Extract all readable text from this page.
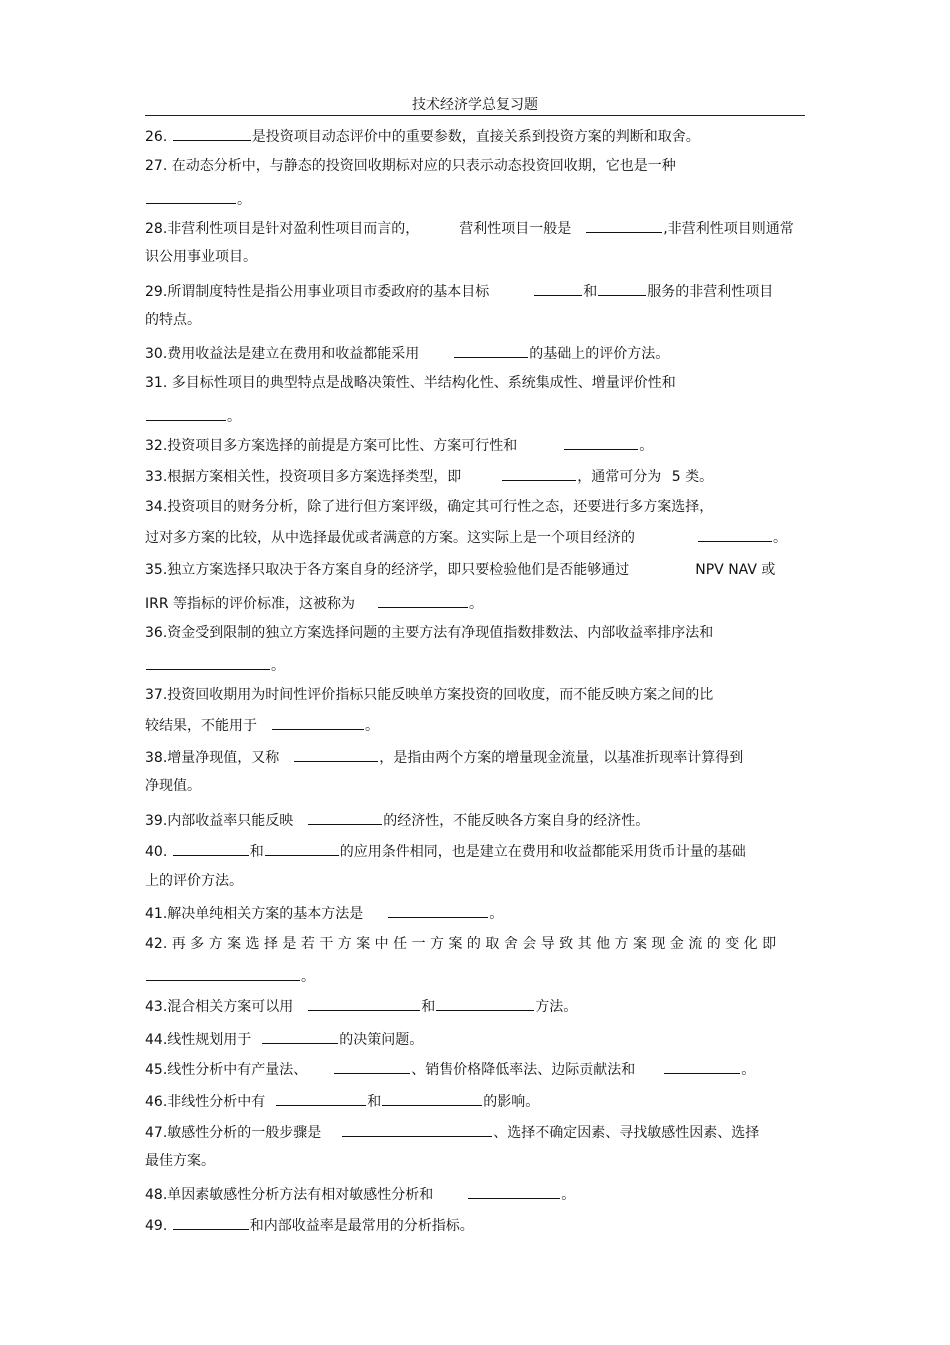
技术经济学总复习题
26.	是投资项目动态评价中的重要参数，直接关系到投资方案的判断和取舍。
27. 在动态分析中，与静态的投资回收期标对应的只表示动态投资回收期，它也是一种
。
28.非营利性项目是针对盈利性项目而言的，	营利性项目一般是	,非营利性项目则通常
识公用事业项目。
29.所谓制度特性是指公用事业项目市委政府的基本目标	和	服务的非营利性项目
的特点。
30.费用收益法是建立在费用和收益都能采用	的基础上的评价方法。
31. 多目标性项目的典型特点是战略决策性、半结构化性、系统集成性、增量评价性和
。
32.投资项目多方案选择的前提是方案可比性、方案可行性和	。
33.根据方案相关性，投资项目多方案选择类型，即	，通常可分为 5 类。
34.投资项目的财务分析，除了进行但方案评级，确定其可行性之态，还要进行多方案选择，
过对多方案的比较，从中选择最优或者满意的方案。这实际上是一个项目经济的	。
35.独立方案选择只取决于各方案自身的经济学，即只要检验他们是否能够通过	NPV NAV 或
IRR 等指标的评价标准，这被称为	。
36.资金受到限制的独立方案选择问题的主要方法有净现值指数排数法、内部收益率排序法和
。
37.投资回收期用为时间性评价指标只能反映单方案投资的回收度，而不能反映方案之间的比
较结果，不能用于	。
38.增量净现值，又称	，是指由两个方案的增量现金流量，以基准折现率计算得到
净现值。
39.内部收益率只能反映	的经济性，不能反映各方案自身的经济性。
40.	和	的应用条件相同，也是建立在费用和收益都能采用货币计量的基础
上的评价方法。
41.解决单纯相关方案的基本方法是	。
42. 再 多 方 案 选 择 是 若 干 方 案 中 任 一 方 案 的 取 舍 会 导 致 其 他 方 案 现 金 流 的 变 化 即
。
43.混合相关方案可以用	和	方法。
44.线性规划用于	的决策问题。
45.线性分析中有产量法、	、销售价格降低率法、边际贡献法和	。
46.非线性分析中有	和	的影响。
47.敏感性分析的一般步骤是	、选择不确定因素、寻找敏感性因素、选择
最佳方案。
48.单因素敏感性分析方法有相对敏感性分析和	。
49.	和内部收益率是最常用的分析指标。
